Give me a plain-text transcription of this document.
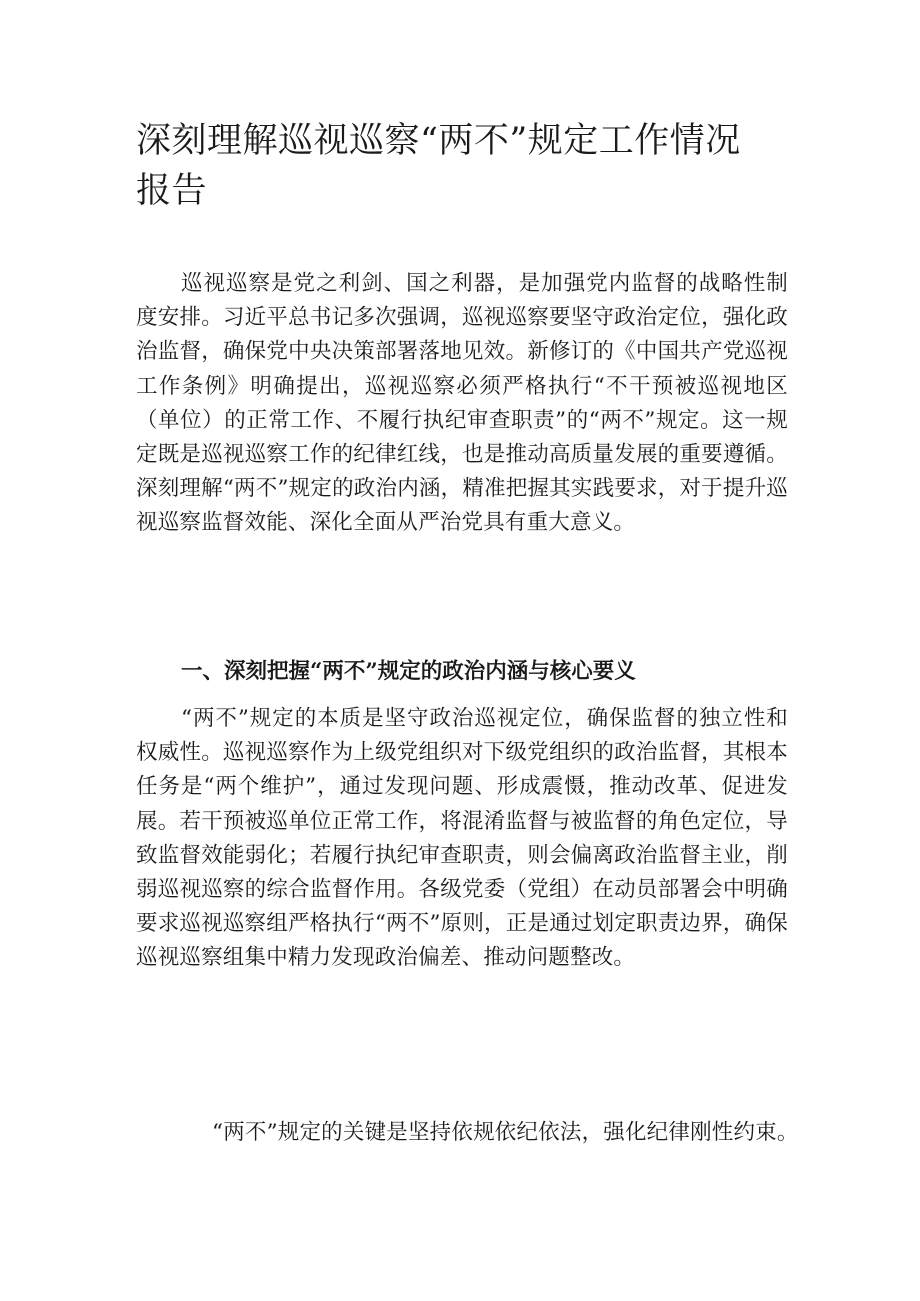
深刻理解巡视巡察“两不”规定工作情况报告

巡视巡察是党之利剑、国之利器，是加强党内监督的战略性制度安排。习近平总书记多次强调，巡视巡察要坚守政治定位，强化政治监督，确保党中央决策部署落地见效。新修订的《中国共产党巡视工作条例》明确提出，巡视巡察必须严格执行“不干预被巡视地区（单位）的正常工作、不履行执纪审查职责”的“两不”规定。这一规定既是巡视巡察工作的纪律红线，也是推动高质量发展的重要遵循。深刻理解“两不”规定的政治内涵，精准把握其实践要求，对于提升巡视巡察监督效能、深化全面从严治党具有重大意义。

一、深刻把握“两不”规定的政治内涵与核心要义

“两不”规定的本质是坚守政治巡视定位，确保监督的独立性和权威性。巡视巡察作为上级党组织对下级党组织的政治监督，其根本任务是“两个维护”，通过发现问题、形成震慑，推动改革、促进发展。若干预被巡单位正常工作，将混淆监督与被监督的角色定位，导致监督效能弱化；若履行执纪审查职责，则会偏离政治监督主业，削弱巡视巡察的综合监督作用。各级党委（党组）在动员部署会中明确要求巡视巡察组严格执行“两不”原则，正是通过划定职责边界，确保巡视巡察组集中精力发现政治偏差、推动问题整改。

“两不”规定的关键是坚持依规依纪依法，强化纪律刚性约束。
